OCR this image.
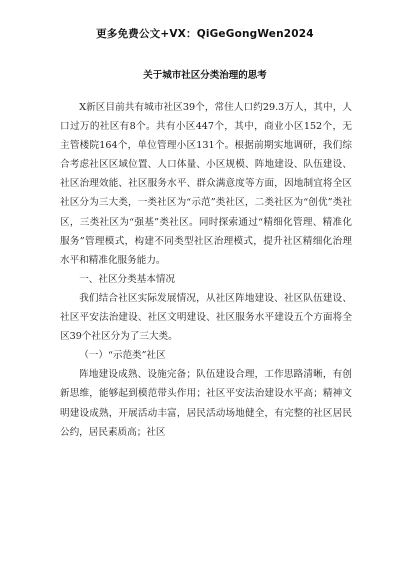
更多免费公文+VX：QiGeGongWen2024
关于城市社区分类治理的思考

X新区目前共有城市社区39个，常住人口约29.3万人，其中，人口过万的社区有8个。共有小区447个，其中，商业小区152个，无主管楼院164个，单位管理小区131个。根据前期实地调研，我们综合考虑社区区域位置、人口体量、小区规模、阵地建设、队伍建设、社区治理效能、社区服务水平、群众满意度等方面，因地制宜将全区社区分为三大类，一类社区为“示范”类社区，二类社区为“创优”类社区，三类社区为“强基”类社区。同时探索通过“精细化管理、精准化服务”管理模式，构建不同类型社区治理模式，提升社区精细化治理水平和精准化服务能力。

一、社区分类基本情况

我们结合社区实际发展情况，从社区阵地建设、社区队伍建设、社区平安法治建设、社区文明建设、社区服务水平建设五个方面将全区39个社区分为了三大类。

（一）“示范类”社区

阵地建设成熟、设施完备；队伍建设合理，工作思路清晰，有创新思维，能够起到模范带头作用；社区平安法治建设水平高；精神文明建设成熟，开展活动丰富，居民活动场地健全，有完整的社区居民公约，居民素质高；社区
